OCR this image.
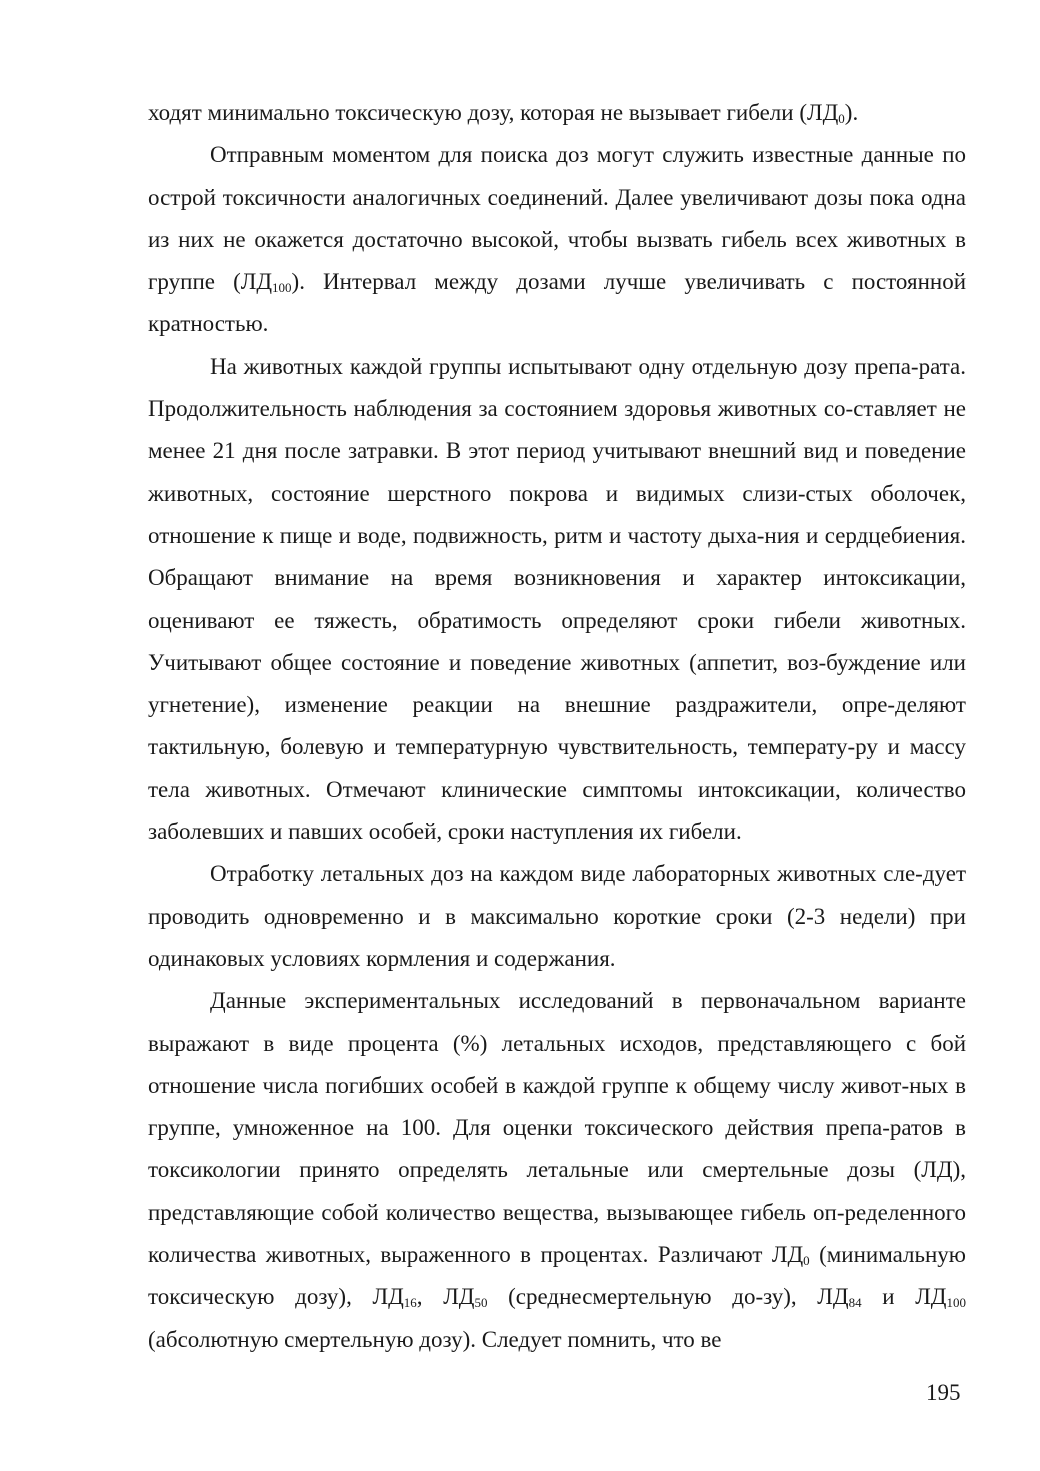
ходят минимально токсическую дозу, которая не вызывает гибели $(ЛД_0)$.

Отправным моментом для поиска доз могут служить известные данные по острой токсичности аналогичных соединений. Далее увеличивают дозы пока одна из них не окажется достаточно высокой, чтобы вызвать гибель всех животных в группе $(ЛД_{100})$. Интервал между дозами лучше увеличивать с постоянной кратностью.

На животных каждой группы испытывают одну отдельную дозу препа-рата. Продолжительность наблюдения за состоянием здоровья животных со-ставляет не менее 21 дня после затравки. В этот период учитывают внешний вид и поведение животных, состояние шерстного покрова и видимых слизи-стых оболочек, отношение к пище и воде, подвижность, ритм и частоту дыха-ния и сердцебиения. Обращают внимание на время возникновения и характер интоксикации, оценивают ее тяжесть, обратимость определяют сроки гибели животных. Учитывают общее состояние и поведение животных (аппетит, воз-буждение или угнетение), изменение реакции на внешние раздражители, опре-деляют тактильную, болевую и температурную чувствительность, температу-ру и массу тела животных. Отмечают клинические симптомы интоксикации, количество заболевших и павших особей, сроки наступления их гибели.

Отработку летальных доз на каждом виде лабораторных животных сле-дует проводить одновременно и в максимально короткие сроки (2-3 недели) при одинаковых условиях кормления и содержания.

Данные экспериментальных исследований в первоначальном варианте выражают в виде процента (%) летальных исходов, представляющего с бой отношение числа погибших особей в каждой группе к общему числу живот-ных в группе, умноженное на 100. Для оценки токсического действия препа-ратов в токсикологии принято определять летальные или смертельные дозы (ЛД), представляющие собой количество вещества, вызывающее гибель оп-ределенного количества животных, выраженного в процентах. Различают $ЛД_0$ (минимальную токсическую дозу), $ЛД_{16}$, $ЛД_{50}$ (среднесмертельную до-зу), $ЛД_{84}$ и $ЛД_{100}$ (абсолютную смертельную дозу). Следует помнить, что ве

195
